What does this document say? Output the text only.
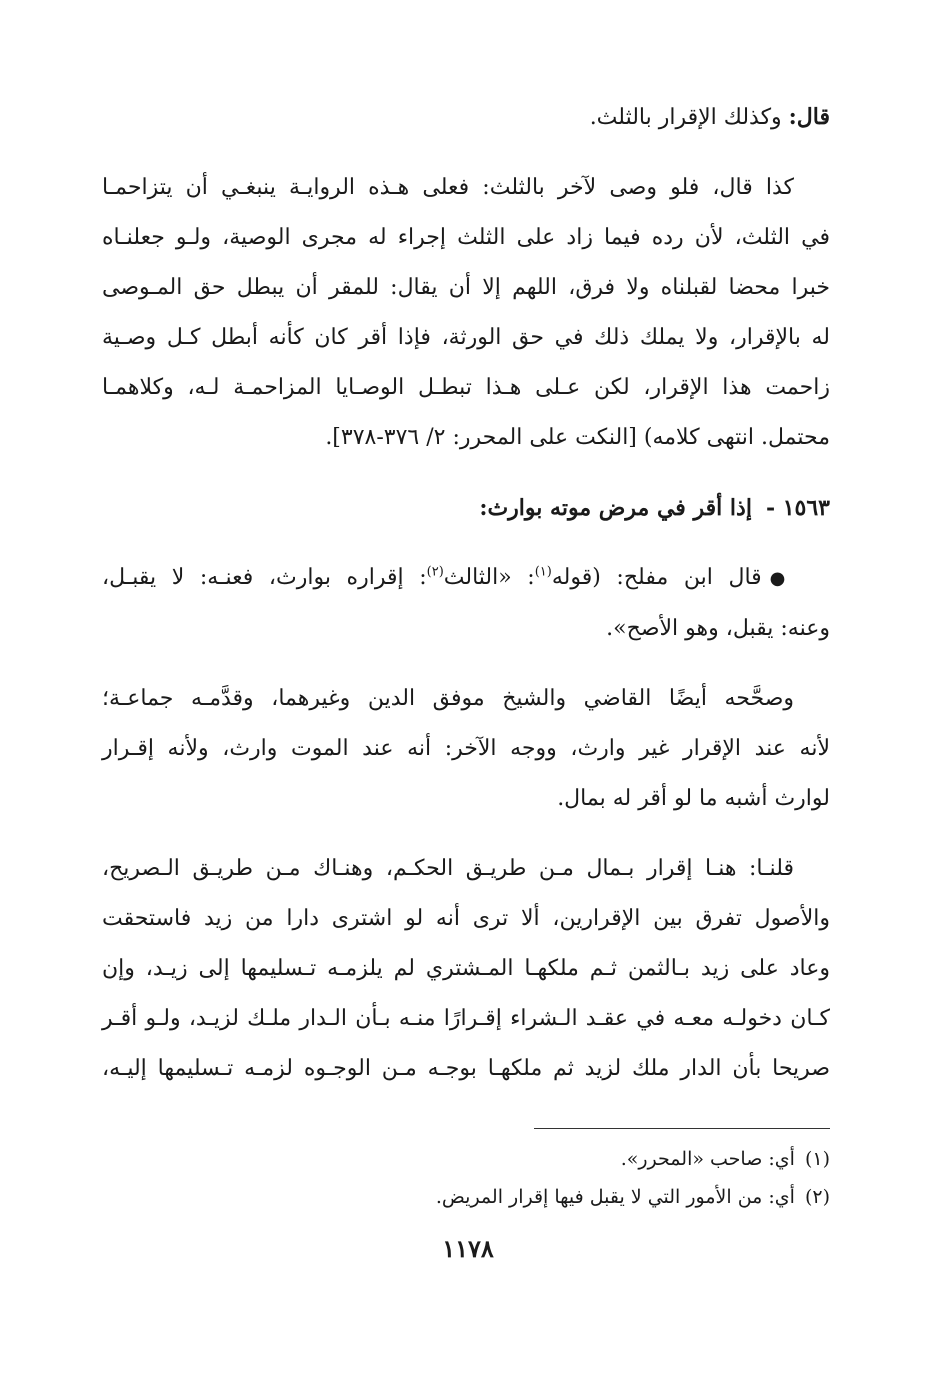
قال: وكذلك الإقرار بالثلث.
كذا قال، فلو وصى لآخر بالثلث: فعلى هـذه الروايـة ينبغـي أن يتزاحمـا
في الثلث، لأن رده فيما زاد على الثلث إجراء له مجرى الوصية، ولـو جعلنـاه
خبرا محضا لقبلناه ولا فرق، اللهم إلا أن يقال: للمقر أن يبطل حق المـوصى
له بالإقرار، ولا يملك ذلك في حق الورثة، فإذا أقر كان كأنه أبطل كـل وصـية
زاحمت هذا الإقرار، لكن عـلى هـذا تبطـل الوصـايا المزاحمـة لـه، وكلاهمـا
محتمل. انتهى كلامه) [النكت على المحرر: ٢/ ٣٧٦-٣٧٨].
١٥٦٣ -إذا أقر في مرض موته بوارث:
●قال ابن مفلح: (قوله$^{(١)}$: «الثالث$^{(٢)}$: إقراره بوارث، فعنـه: لا يقبـل،
وعنه: يقبل، وهو الأصح».
وصحَّحه أيضًا القاضي والشيخ موفق الدين وغيرهما، وقدَّمـه جماعـة؛
لأنه عند الإقرار غير وارث، ووجه الآخر: أنه عند الموت وارث، ولأنه إقـرار
لوارث أشبه ما لو أقر له بمال.
قلنـا: هنـا إقرار بـمال مـن طريـق الحكـم، وهنـاك مـن طريـق الـصريح،
والأصول تفرق بين الإقرارين، ألا ترى أنه لو اشترى دارا من زيد فاستحقت
وعاد على زيد بـالثمن ثـم ملكهـا المـشتري لم يلزمـه تـسليمها إلى زيـد، وإن
كـان دخولـه معـه في عقـد الـشراء إقـرارًا منـه بـأن الـدار ملـك لزيـد، ولـو أقـر
صريحا بأن الدار ملك لزيد ثم ملكهـا بوجـه مـن الوجـوه لزمـه تـسليمها إليـه،
(١)أي: صاحب «المحرر».
(٢)أي: من الأمور التي لا يقبل فيها إقرار المريض.
١١٧٨
